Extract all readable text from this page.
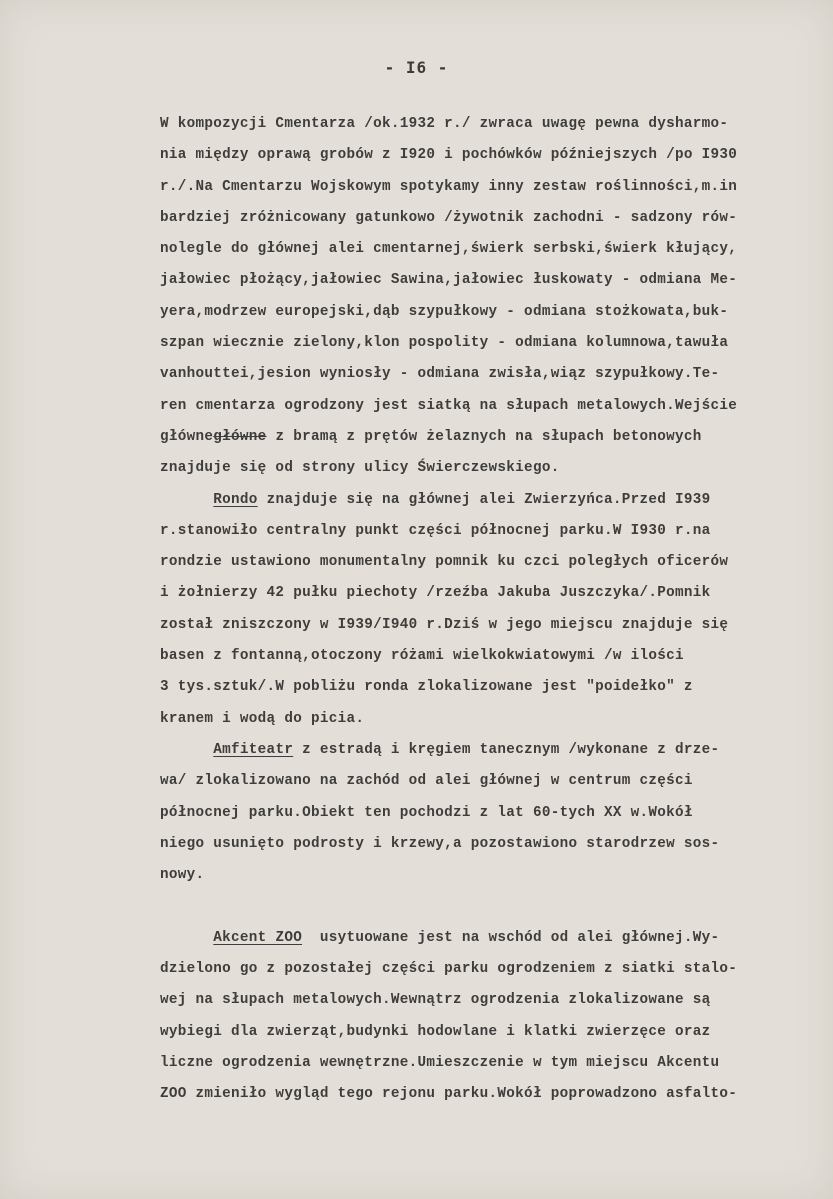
- I6 -
W kompozycji Cmentarza /ok.1932 r./ zwraca uwagę pewna dysharmo-
nia między oprawą grobów z I920 i pochówków późniejszych /po I930
r./.Na Cmentarzu Wojskowym spotykamy inny zestaw roślinności,m.in
bardziej zróżnicowany gatunkowo /żywotnik zachodni - sadzony rów-
nolegle do głównej alei cmentarnej,świerk serbski,świerk kłujący,
jałowiec płożący,jałowiec Sawina,jałowiec łuskowaty - odmiana Me-
yera,modrzew europejski,dąb szypułkowy - odmiana stożkowata,buk-
szpan wiecznie zielony,klon pospolity - odmiana kolumnowa,tawuła
vanhouttei,jesion wyniosły - odmiana zwisła,wiąz szypułkowy.Te-
ren cmentarza ogrodzony jest siatką na słupach metalowych.Wejście
głównegłówne z bramą z prętów żelaznych na słupach betonowych
znajduje się od strony ulicy Świerczewskiego.
Rondo znajduje się na głównej alei Zwierzyńca.Przed I939
r.stanowiło centralny punkt części północnej parku.W I930 r.na
rondzie ustawiono monumentalny pomnik ku czci poległych oficerów
i żołnierzy 42 pułku piechoty /rzeźba Jakuba Juszczyka/.Pomnik
został zniszczony w I939/I940 r.Dziś w jego miejscu znajduje się
basen z fontanną,otoczony różami wielkokwiatowymi /w ilości
3 tys.sztuk/.W pobliżu ronda zlokalizowane jest "poidełko" z
kranem i wodą do picia.
Amfiteatr z estradą i kręgiem tanecznym /wykonane z drze-
wa/ zlokalizowano na zachód od alei głównej w centrum części
północnej parku.Obiekt ten pochodzi z lat 60-tych XX w.Wokół
niego usunięto podrosty i krzewy,a pozostawiono starodrzew sos-
nowy.
Akcent ZOO  usytuowane jest na wschód od alei głównej.Wy-
dzielono go z pozostałej części parku ogrodzeniem z siatki stalo-
wej na słupach metalowych.Wewnątrz ogrodzenia zlokalizowane są
wybiegi dla zwierząt,budynki hodowlane i klatki zwierzęce oraz
liczne ogrodzenia wewnętrzne.Umieszczenie w tym miejscu Akcentu
ZOO zmieniło wygląd tego rejonu parku.Wokół poprowadzono asfalto-
